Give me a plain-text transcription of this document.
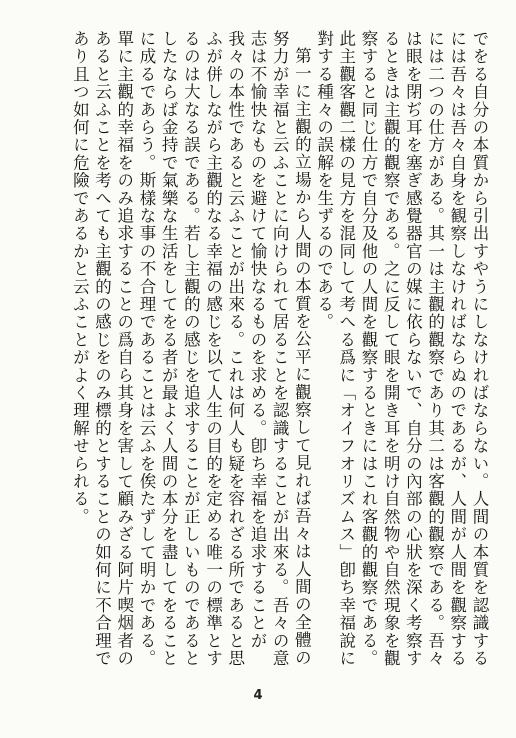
でをる自分の本質から引出すやうにしなければならない。人間の本質を認識するには吾々は吾々自身を観察しなければならぬのであるが、人間が人間を觀察するには二つの仕方がある。其一は主觀的觀察であり其二は客觀的觀察である。吾々は眼を閉ぢ耳を塞ぎ感覺器官の媒に依らないで、自分の內部の心狀を深く考察するときは主觀的觀察である。之に反して眼を開き耳を明け自然物や自然現象を觀察すると同じ仕方で自分及他の人間を觀察するときにはこれ客觀的觀察である。此主觀客觀二樣の見方を混同して考へる爲に「オイフオリズムス」卽ち幸福說に對する種々の誤解を生ずるのである。

第一に主觀的立場から人間の本質を公平に觀察して見れば吾々は人間の全體の努力が幸福と云ふことに向けられて居ることを認識することが出來る。吾々の意志は不愉快なものを避けて愉快なるものを求める。卽ち幸福を追求することが我々の本性であると云ふことが出來る。これは何人も疑を容れざる所であると思ふが併しながら主觀的なる幸福の感じを以て人生の目的を定める唯一の標準とするのは大なる誤である。若し主觀的の感じを追求することが正しいものであるとしたならば金持で氣樂な生活をしてをる者が最よく人間の本分を盡してをることに成るであらう。斯樣な事の不合理であることは云ふを俟たずして明かである。單に主觀的幸福をのみ追求することの爲自ら其身を害して顧みざる阿片喫烟者のあると云ふことを考へても主觀的の感じをのみ標的とすることの如何に不合理であり且つ如何に危險であるかと云ふことがよく理解せられる。

4
